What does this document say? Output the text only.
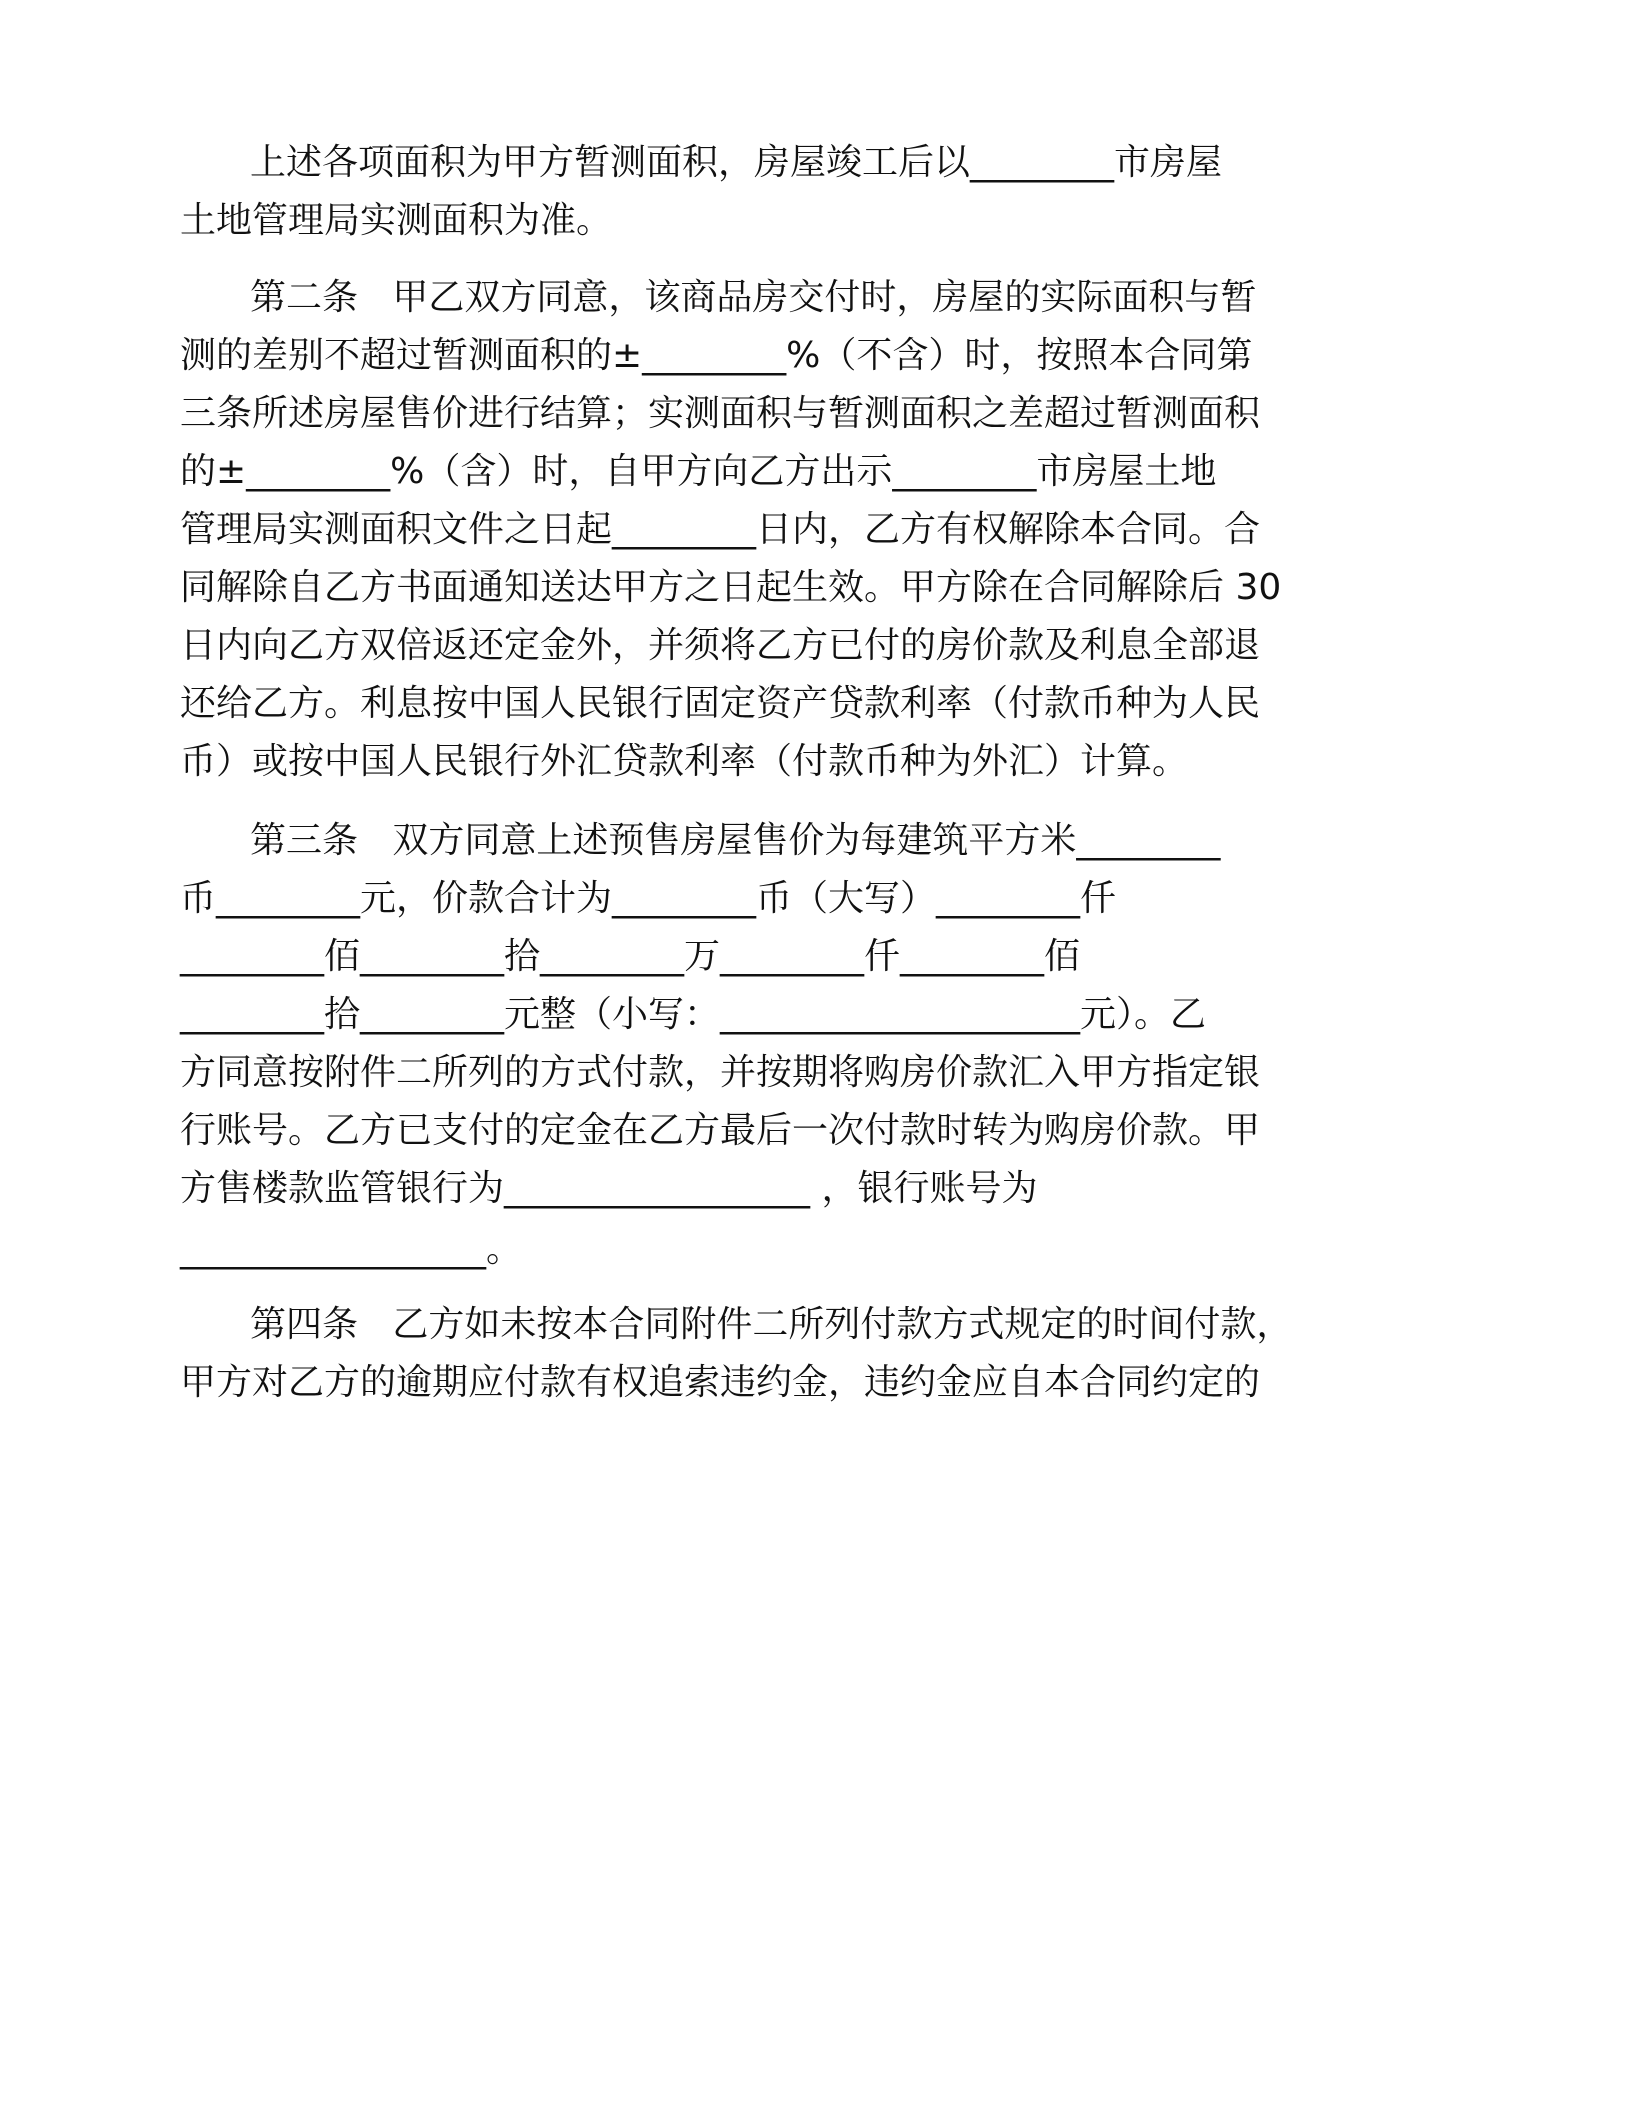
上述各项面积为甲方暂测面积，房屋竣工后以________市房屋
土地管理局实测面积为准。
第二条   甲乙双方同意，该商品房交付时，房屋的实际面积与暂
测的差别不超过暂测面积的±________%（不含）时，按照本合同第
三条所述房屋售价进行结算；实测面积与暂测面积之差超过暂测面积
的±________%（含）时，自甲方向乙方出示________市房屋土地
管理局实测面积文件之日起________日内，乙方有权解除本合同。合
同解除自乙方书面通知送达甲方之日起生效。甲方除在合同解除后 30
日内向乙方双倍返还定金外，并须将乙方已付的房价款及利息全部退
还给乙方。利息按中国人民银行固定资产贷款利率（付款币种为人民
币）或按中国人民银行外汇贷款利率（付款币种为外汇）计算。
第三条   双方同意上述预售房屋售价为每建筑平方米________
币________元，价款合计为________币（大写）________仟
________佰________拾________万________仟________佰
________拾________元整（小写：____________________元）。乙
方同意按附件二所列的方式付款，并按期将购房价款汇入甲方指定银
行账号。乙方已支付的定金在乙方最后一次付款时转为购房价款。甲
方售楼款监管银行为_________________ ，银行账号为
_________________。
第四条   乙方如未按本合同附件二所列付款方式规定的时间付款，
甲方对乙方的逾期应付款有权追索违约金，违约金应自本合同约定的
